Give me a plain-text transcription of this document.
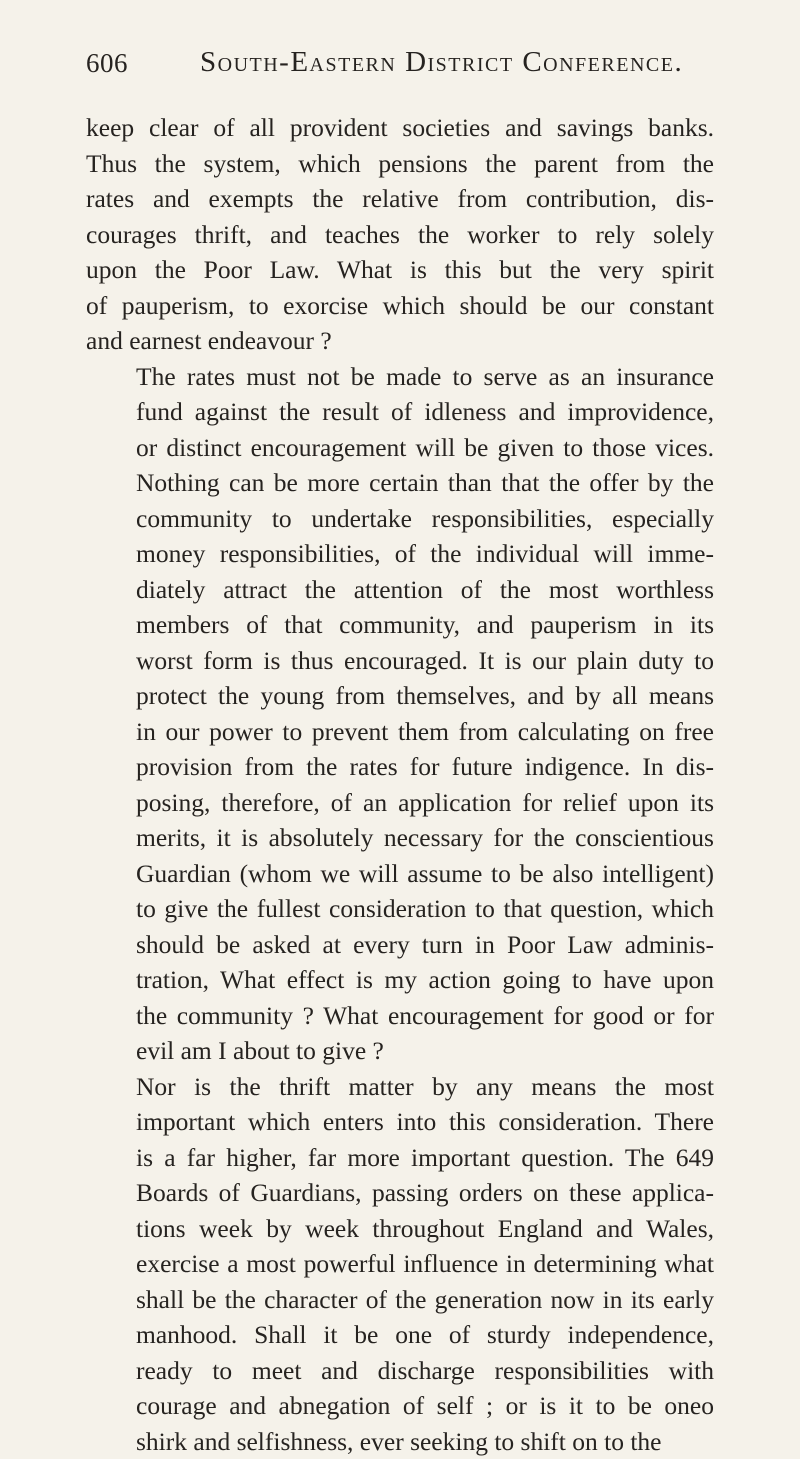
606 South-Eastern District Conference.

keep clear of all provident societies and savings banks.
Thus the system, which pensions the parent from the
rates and exempts the relative from contribution, dis-
courages thrift, and teaches the worker to rely solely
upon the Poor Law. What is this but the very spirit
of pauperism, to exorcise which should be our constant
and earnest endeavour ?

The rates must not be made to serve as an insurance
fund against the result of idleness and improvidence,
or distinct encouragement will be given to those vices.
Nothing can be more certain than that the offer by the
community to undertake responsibilities, especially
money responsibilities, of the individual will imme-
diately attract the attention of the most worthless
members of that community, and pauperism in its
worst form is thus encouraged. It is our plain duty to
protect the young from themselves, and by all means
in our power to prevent them from calculating on free
provision from the rates for future indigence. In dis-
posing, therefore, of an application for relief upon its
merits, it is absolutely necessary for the conscientious
Guardian (whom we will assume to be also intelligent)
to give the fullest consideration to that question, which
should be asked at every turn in Poor Law adminis-
tration, What effect is my action going to have upon
the community ? What encouragement for good or for
evil am I about to give ?

Nor is the thrift matter by any means the most
important which enters into this consideration. There
is a far higher, far more important question. The 649
Boards of Guardians, passing orders on these applica-
tions week by week throughout England and Wales,
exercise a most powerful influence in determining what
shall be the character of the generation now in its early
manhood. Shall it be one of sturdy independence,
ready to meet and discharge responsibilities with
courage and abnegation of self ; or is it to be oneo
shirk and selfishness, ever seeking to shift on to the
